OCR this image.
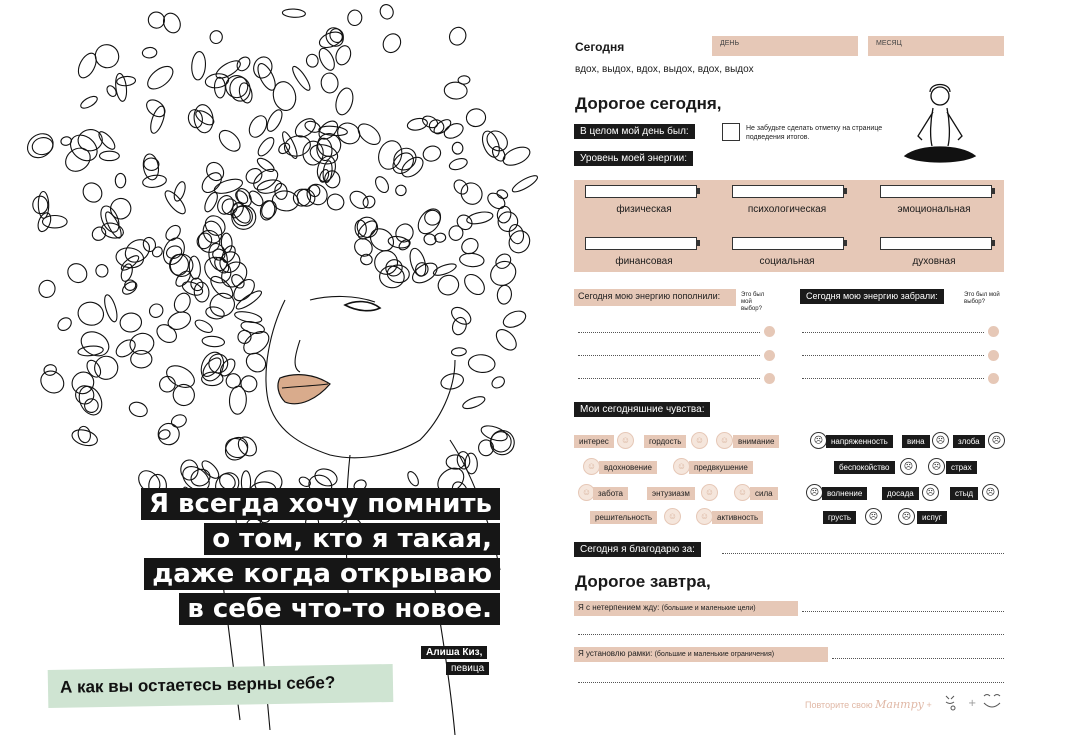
Я всегда хочу помнить
о том, кто я такая,
даже когда открываю
в себе что-то новое.
Алиша Киз,
певица
А как вы остаетесь верны себе?
Сегодня	ДЕНЬ	МЕСЯЦ
вдох, выдох, вдох, выдох, вдох, выдох
Дорогое сегодня,
В целом мой день был:	Не забудьте сделать отметку на странице подведения итогов.
Уровень моей энергии:
физическая	психологическая	эмоциональная
финансовая	социальная	духовная
Сегодня мою энергию пополнили:	Это был мой выбор?
Сегодня мою энергию забрали:	Это был мой выбор?
Мои сегодняшние чувства:
интерес	☺	гордость	☺	☺	внимание
☺ вдохновение	☺ предвкушение
☺ забота	энтузиазм	☺	☺ сила
решительность	☺	☺ активность
☹ напряженность	вина	☹	злоба	☹
беспокойство	☹	☹	страх
☹ волнение	досада	☹	стыд	☹
грусть	☹	☹	испуг
Сегодня я благодарю за:
Дорогое завтра,
Я с нетерпением жду: (большие и маленькие цели)
Я установлю рамки: (большие и маленькие ограничения)
Повторите свою Мантру +	+
